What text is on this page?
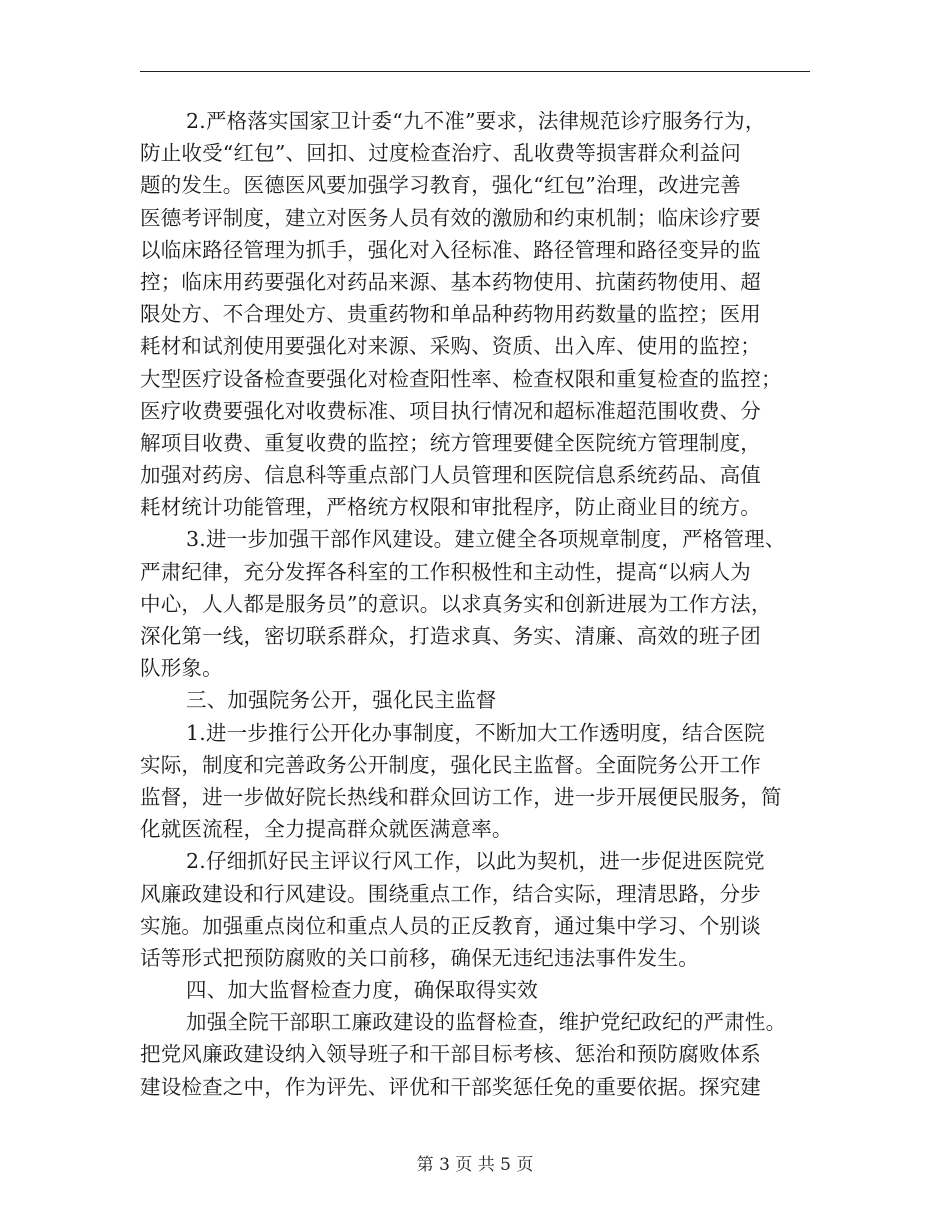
2.严格落实国家卫计委“九不准”要求，法律规范诊疗服务行为，
防止收受“红包”、回扣、过度检查治疗、乱收费等损害群众利益问
题的发生。医德医风要加强学习教育，强化“红包”治理，改进完善
医德考评制度，建立对医务人员有效的激励和约束机制；临床诊疗要
以临床路径管理为抓手，强化对入径标准、路径管理和路径变异的监
控；临床用药要强化对药品来源、基本药物使用、抗菌药物使用、超
限处方、不合理处方、贵重药物和单品种药物用药数量的监控；医用
耗材和试剂使用要强化对来源、采购、资质、出入库、使用的监控；
大型医疗设备检查要强化对检查阳性率、检查权限和重复检查的监控；
医疗收费要强化对收费标准、项目执行情况和超标准超范围收费、分
解项目收费、重复收费的监控；统方管理要健全医院统方管理制度，
加强对药房、信息科等重点部门人员管理和医院信息系统药品、高值
耗材统计功能管理，严格统方权限和审批程序，防止商业目的统方。
3.进一步加强干部作风建设。建立健全各项规章制度，严格管理、
严肃纪律，充分发挥各科室的工作积极性和主动性，提高“以病人为
中心，人人都是服务员”的意识。以求真务实和创新进展为工作方法，
深化第一线，密切联系群众，打造求真、务实、清廉、高效的班子团
队形象。
三、加强院务公开，强化民主监督
1.进一步推行公开化办事制度，不断加大工作透明度，结合医院
实际，制度和完善政务公开制度，强化民主监督。全面院务公开工作
监督，进一步做好院长热线和群众回访工作，进一步开展便民服务，简
化就医流程，全力提高群众就医满意率。
2.仔细抓好民主评议行风工作，以此为契机，进一步促进医院党
风廉政建设和行风建设。围绕重点工作，结合实际，理清思路，分步
实施。加强重点岗位和重点人员的正反教育，通过集中学习、个别谈
话等形式把预防腐败的关口前移，确保无违纪违法事件发生。
四、加大监督检查力度，确保取得实效
加强全院干部职工廉政建设的监督检查，维护党纪政纪的严肃性。
把党风廉政建设纳入领导班子和干部目标考核、惩治和预防腐败体系
建设检查之中，作为评先、评优和干部奖惩任免的重要依据。探究建
第 3 页 共 5 页
